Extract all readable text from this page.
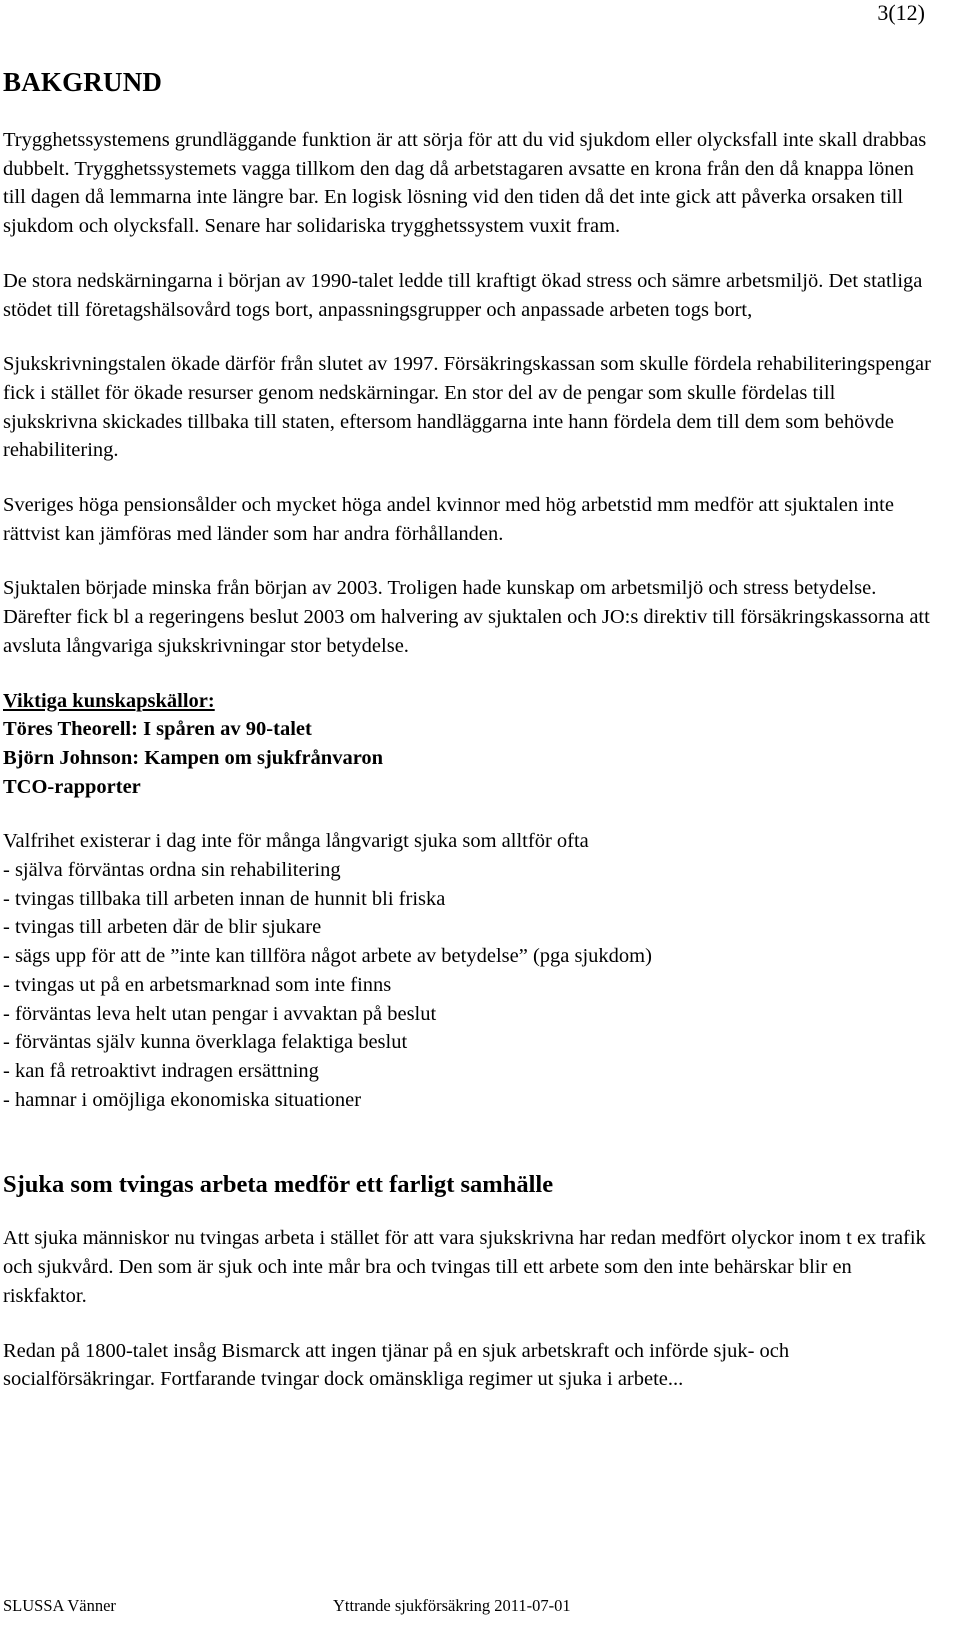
3(12)
BAKGRUND

Trygghetssystemens grundläggande funktion är att sörja för att du vid sjukdom eller olycksfall inte skall drabbas dubbelt. Trygghetssystemets vagga tillkom den dag då arbetstagaren avsatte en krona från den då knappa lönen till dagen då lemmarna inte längre bar. En logisk lösning vid den tiden då det inte gick att påverka orsaken till sjukdom och olycksfall. Senare har solidariska trygghetssystem vuxit fram.

De stora nedskärningarna i början av 1990-talet ledde till kraftigt ökad stress och sämre arbetsmiljö. Det statliga stödet till företagshälsovård togs bort, anpassningsgrupper och anpassade arbeten togs bort,

Sjukskrivningstalen ökade därför från slutet av 1997. Försäkringskassan som skulle fördela rehabiliteringspengar fick i stället för ökade resurser genom nedskärningar. En stor del av de pengar som skulle fördelas till sjukskrivna skickades tillbaka till staten, eftersom handläggarna inte hann fördela dem till dem som behövde rehabilitering.

Sveriges höga pensionsålder och mycket höga andel kvinnor med hög arbetstid mm medför att sjuktalen inte rättvist kan jämföras med länder som har andra förhållanden.

Sjuktalen började minska från början av 2003. Troligen hade kunskap om arbetsmiljö och stress betydelse. Därefter fick bl a regeringens beslut 2003 om halvering av sjuktalen och JO:s direktiv till försäkringskassorna att avsluta långvariga sjukskrivningar stor betydelse.

Viktiga kunskapskällor:
Töres Theorell: I spåren av 90-talet
Björn Johnson: Kampen om sjukfrånvaron
TCO-rapporter

Valfrihet existerar i dag inte för många långvarigt sjuka som alltför ofta

- själva förväntas ordna sin rehabilitering
- tvingas tillbaka till arbeten innan de hunnit bli friska
- tvingas till arbeten där de blir sjukare
- sägs upp för att de ”inte kan tillföra något arbete av betydelse” (pga sjukdom)
- tvingas ut på en arbetsmarknad som inte finns
- förväntas leva helt utan pengar i avvaktan på beslut
- förväntas själv kunna överklaga felaktiga beslut
- kan få retroaktivt indragen ersättning
- hamnar i omöjliga ekonomiska situationer
Sjuka som tvingas arbeta medför ett farligt samhälle

Att sjuka människor nu tvingas arbeta i stället för att vara sjukskrivna har redan medfört olyckor inom t ex trafik och sjukvård. Den som är sjuk och inte mår bra och tvingas till ett arbete som den inte behärskar blir en riskfaktor.

Redan på 1800-talet insåg Bismarck att ingen tjänar på en sjuk arbetskraft och införde sjuk- och socialförsäkringar. Fortfarande tvingar dock omänskliga regimer ut sjuka i arbete...

SLUSSA Vänner	Yttrande sjukförsäkring 2011-07-01
